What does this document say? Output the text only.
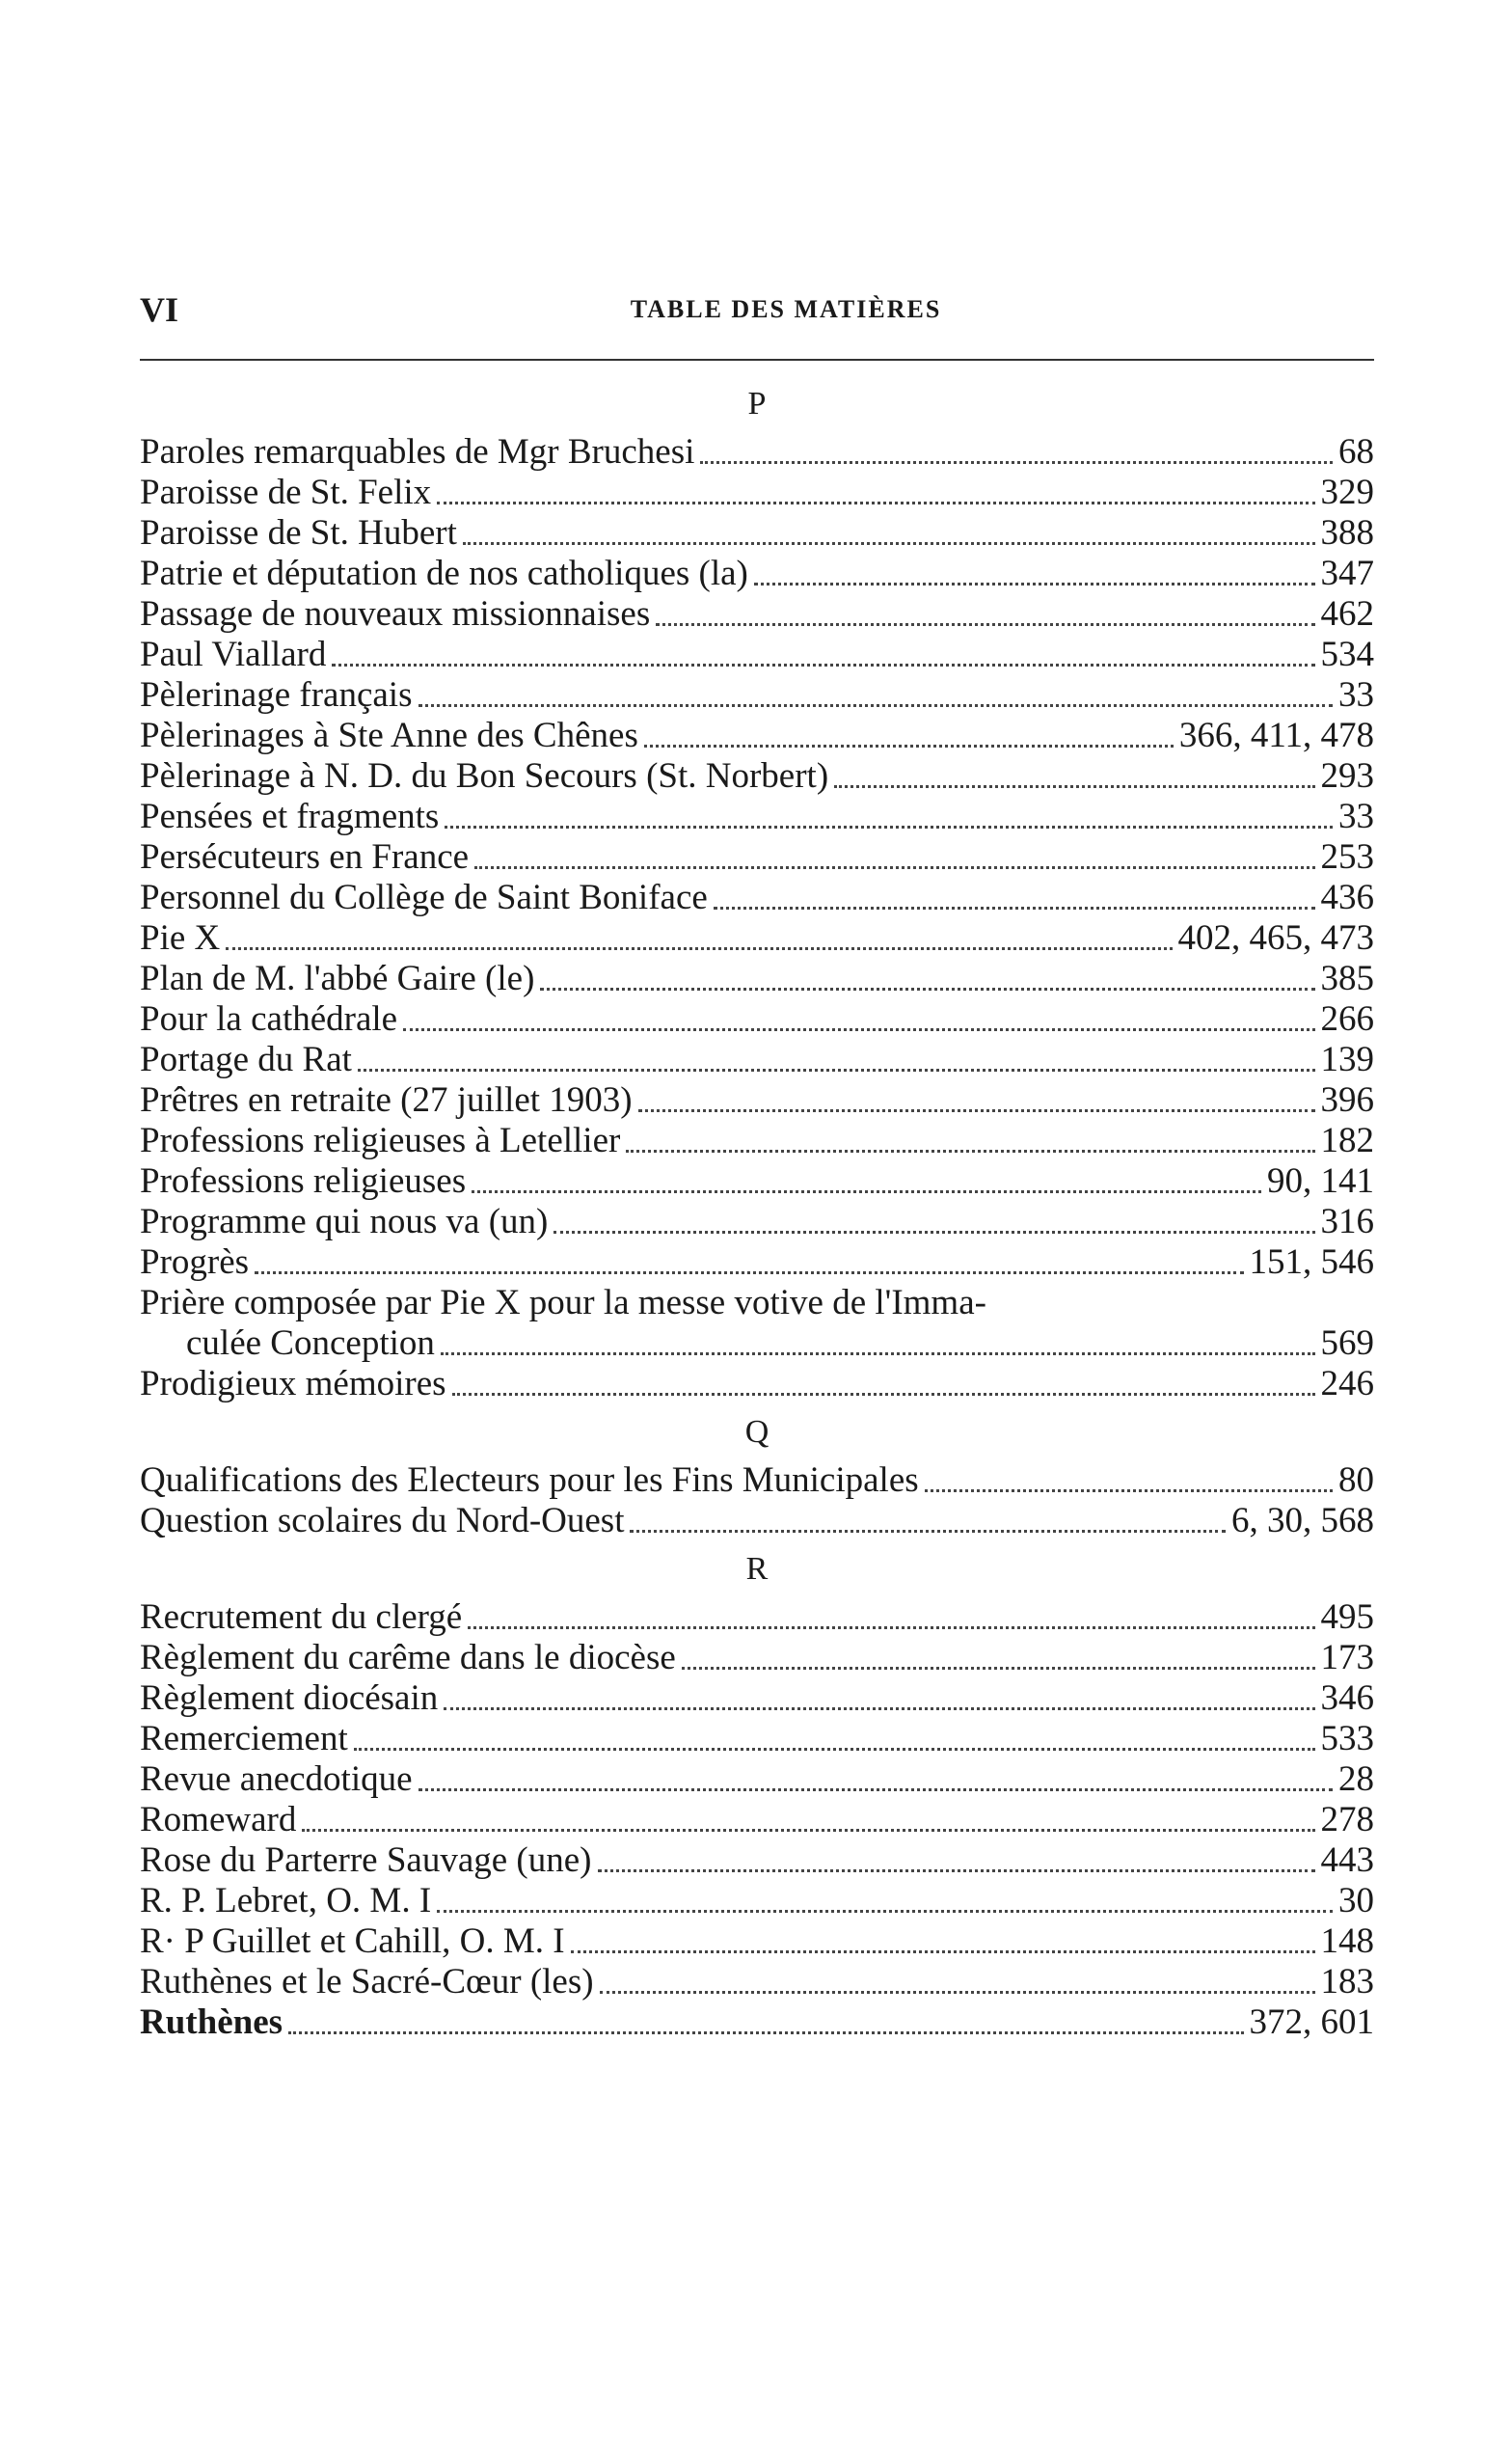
VI	TABLE DES MATIÈRES
P
Paroles remarquables de Mgr Bruchesi	68
Paroisse de St. Felix	329
Paroisse de St. Hubert	388
Patrie et députation de nos catholiques (la)	347
Passage de nouveaux missionnaises	462
Paul Viallard	534
Pèlerinage français	33
Pèlerinages à Ste Anne des Chênes	366, 411, 478
Pèlerinage à N. D. du Bon Secours (St. Norbert)	293
Pensées et fragments	33
Persécuteurs en France	253
Personnel du Collège de Saint Boniface	436
Pie X	402, 465, 473
Plan de M. l'abbé Gaire (le)	385
Pour la cathédrale	266
Portage du Rat	139
Prêtres en retraite (27 juillet 1903)	396
Professions religieuses à Letellier	182
Professions religieuses	90, 141
Programme qui nous va (un)	316
Progrès	151, 546
Prière composée par Pie X pour la messe votive de l'Imma-
culée Conception	569
Prodigieux mémoires	246
Q
Qualifications des Electeurs pour les Fins Municipales	80
Question scolaires du Nord-Ouest	6, 30, 568
R
Recrutement du clergé	495
Règlement du carême dans le diocèse	173
Règlement diocésain	346
Remerciement	533
Revue anecdotique	28
Romeward	278
Rose du Parterre Sauvage (une)	443
R. P. Lebret, O. M. I	30
R· P Guillet et Cahill, O. M. I	148
Ruthènes et le Sacré-Cœur (les)	183
Ruthènes	372, 601
